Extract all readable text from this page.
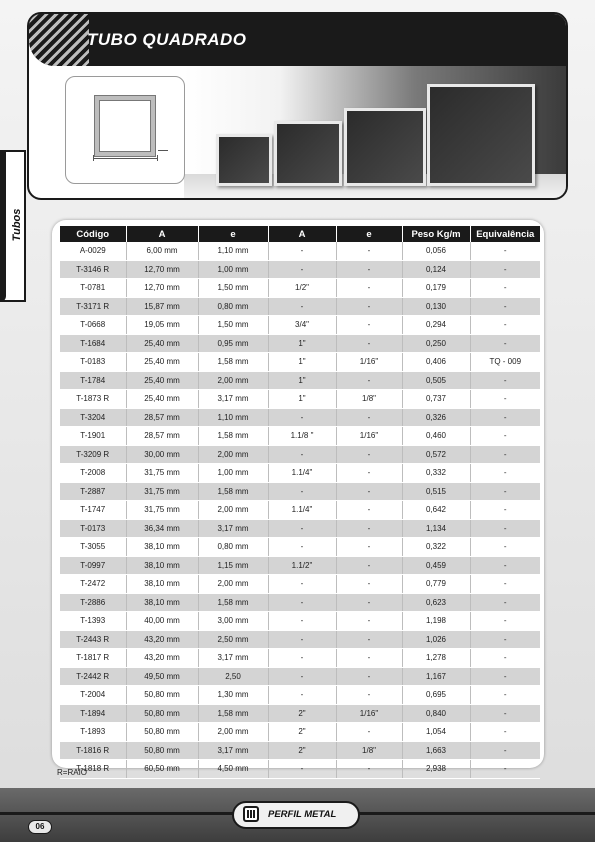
Tubos
TUBO QUADRADO
Código	A	e	A	e	Peso Kg/m	Equivalência
A-0029	6,00 mm	1,10 mm	-	-	0,056	-
T-3146 R	12,70 mm	1,00 mm	-	-	0,124	-
T-0781	12,70 mm	1,50 mm	1/2"	-	0,179	-
T-3171 R	15,87 mm	0,80 mm	-	-	0,130	-
T-0668	19,05 mm	1,50 mm	3/4"	-	0,294	-
T-1684	25,40 mm	0,95 mm	1"	-	0,250	-
T-0183	25,40 mm	1,58 mm	1"	1/16"	0,406	TQ - 009
T-1784	25,40 mm	2,00 mm	1"	-	0,505	-
T-1873 R	25,40 mm	3,17 mm	1"	1/8"	0,737	-
T-3204	28,57 mm	1,10 mm	-	-	0,326	-
T-1901	28,57 mm	1,58 mm	1.1/8 "	1/16"	0,460	-
T-3209 R	30,00 mm	2,00 mm	-	-	0,572	-
T-2008	31,75 mm	1,00 mm	1.1/4"	-	0,332	-
T-2887	31,75 mm	1,58 mm	-	-	0,515	-
T-1747	31,75 mm	2,00 mm	1.1/4"	-	0,642	-
T-0173	36,34 mm	3,17 mm	-	-	1,134	-
T-3055	38,10 mm	0,80 mm	-	-	0,322	-
T-0997	38,10 mm	1,15 mm	1.1/2"	-	0,459	-
T-2472	38,10 mm	2,00 mm	-	-	0,779	-
T-2886	38,10 mm	1,58 mm	-	-	0,623	-
T-1393	40,00 mm	3,00 mm	-	-	1,198	-
T-2443 R	43,20 mm	2,50 mm	-	-	1,026	-
T-1817 R	43,20 mm	3,17 mm	-	-	1,278	-
T-2442 R	49,50 mm	2,50	-	-	1,167	-
T-2004	50,80 mm	1,30 mm	-	-	0,695	-
T-1894	50,80 mm	1,58 mm	2"	1/16"	0,840	-
T-1893	50,80 mm	2,00 mm	2"	-	1,054	-
T-1816 R	50,80 mm	3,17 mm	2"	1/8"	1,663	-
T-1818 R	60,50 mm	4,50 mm	-	-	2,938	-
R=RAIO
06
PERFIL METAL
